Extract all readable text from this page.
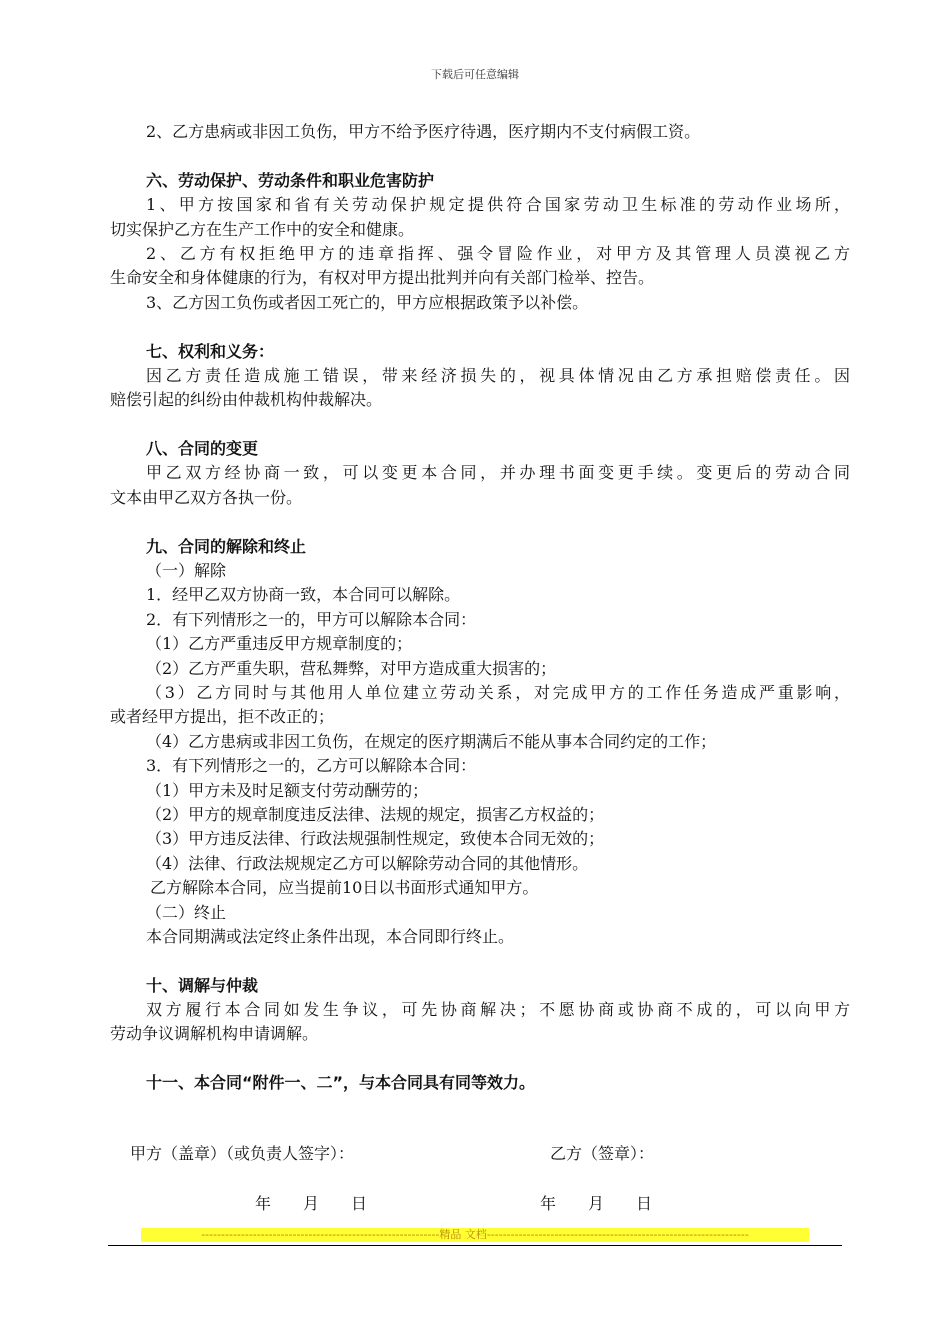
下载后可任意编辑
2、乙方患病或非因工负伤，甲方不给予医疗待遇，医疗期内不支付病假工资。
六、劳动保护、劳动条件和职业危害防护
1、甲方按国家和省有关劳动保护规定提供符合国家劳动卫生标准的劳动作业场所，
切实保护乙方在生产工作中的安全和健康。
2、乙方有权拒绝甲方的违章指挥、强令冒险作业，对甲方及其管理人员漠视乙方
生命安全和身体健康的行为，有权对甲方提出批判并向有关部门检举、控告。
3、乙方因工负伤或者因工死亡的，甲方应根据政策予以补偿。
七、权利和义务：
因乙方责任造成施工错误，带来经济损失的，视具体情况由乙方承担赔偿责任。因
赔偿引起的纠纷由仲裁机构仲裁解决。
八、合同的变更
甲乙双方经协商一致，可以变更本合同，并办理书面变更手续。变更后的劳动合同
文本由甲乙双方各执一份。
九、合同的解除和终止
（一）解除
1．经甲乙双方协商一致，本合同可以解除。
2．有下列情形之一的，甲方可以解除本合同：
（1）乙方严重违反甲方规章制度的；
（2）乙方严重失职，营私舞弊，对甲方造成重大损害的；
（3）乙方同时与其他用人单位建立劳动关系，对完成甲方的工作任务造成严重影响，
或者经甲方提出，拒不改正的；
（4）乙方患病或非因工负伤，在规定的医疗期满后不能从事本合同约定的工作；
3．有下列情形之一的，乙方可以解除本合同：
（1）甲方未及时足额支付劳动酬劳的；
（2）甲方的规章制度违反法律、法规的规定，损害乙方权益的；
（3）甲方违反法律、行政法规强制性规定，致使本合同无效的；
（4）法律、行政法规规定乙方可以解除劳动合同的其他情形。
乙方解除本合同，应当提前10日以书面形式通知甲方。
（二）终止
本合同期满或法定终止条件出现，本合同即行终止。
十、调解与仲裁
双方履行本合同如发生争议，可先协商解决；不愿协商或协商不成的，可以向甲方
劳动争议调解机构申请调解。
十一、本合同“附件一、二”，与本合同具有同等效力。
甲方（盖章）（或负责人签字）：	乙方（签章）：
年 月 日	年 月 日
------------------------------------------------------------精品 文档------------------------------------------------------------------
